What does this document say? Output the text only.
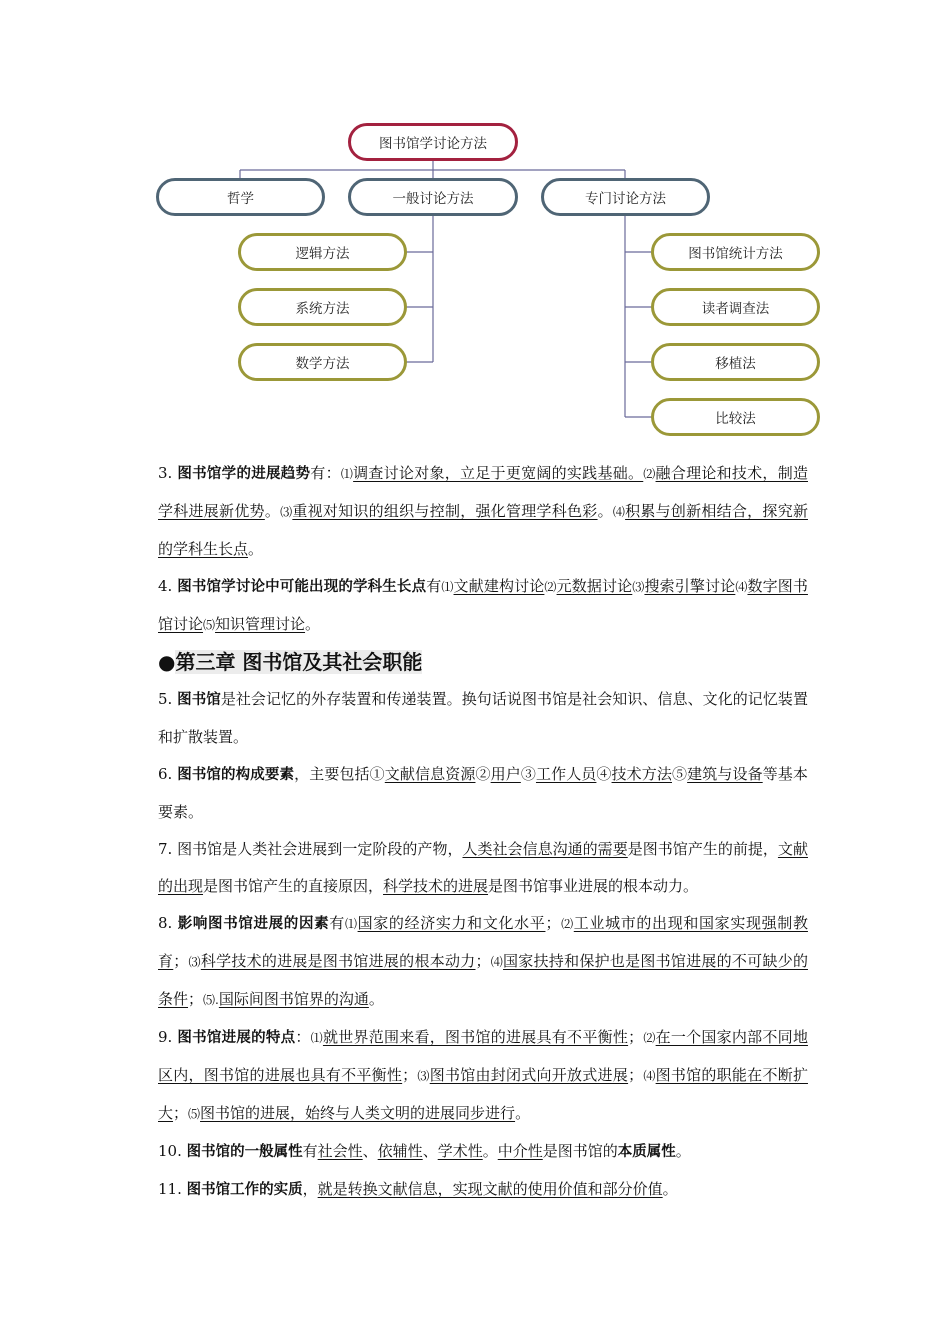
图书馆学讨论方法
哲学	一般讨论方法	专门讨论方法
逻辑方法
系统方法
数学方法
图书馆统计方法
读者调查法
移植法
比较法

3. 图书馆学的进展趋势有：⑴调查讨论对象，立足于更宽阔的实践基础。⑵融合理论和技术，制造学科进展新优势。⑶重视对知识的组织与控制，强化管理学科色彩。⑷积累与创新相结合，探究新的学科生长点。

4. 图书馆学讨论中可能出现的学科生长点有⑴文献建构讨论⑵元数据讨论⑶搜索引擎讨论⑷数字图书馆讨论⑸知识管理讨论。

●第三章 图书馆及其社会职能

5. 图书馆是社会记忆的外存装置和传递装置。换句话说图书馆是社会知识、信息、文化的记忆装置和扩散装置。

6. 图书馆的构成要素，主要包括①文献信息资源②用户③工作人员④技术方法⑤建筑与设备等基本要素。

7. 图书馆是人类社会进展到一定阶段的产物，人类社会信息沟通的需要是图书馆产生的前提，文献的出现是图书馆产生的直接原因，科学技术的进展是图书馆事业进展的根本动力。

8. 影响图书馆进展的因素有⑴国家的经济实力和文化水平；⑵工业城市的出现和国家实现强制教育；⑶科学技术的进展是图书馆进展的根本动力；⑷国家扶持和保护也是图书馆进展的不可缺少的条件；⑸.国际间图书馆界的沟通。

9. 图书馆进展的特点：⑴就世界范围来看，图书馆的进展具有不平衡性；⑵在一个国家内部不同地区内，图书馆的进展也具有不平衡性；⑶图书馆由封闭式向开放式进展；⑷图书馆的职能在不断扩大；⑸图书馆的进展，始终与人类文明的进展同步进行。

10. 图书馆的一般属性有社会性、依辅性、学术性。中介性是图书馆的本质属性。

11. 图书馆工作的实质，就是转换文献信息，实现文献的使用价值和部分价值。
